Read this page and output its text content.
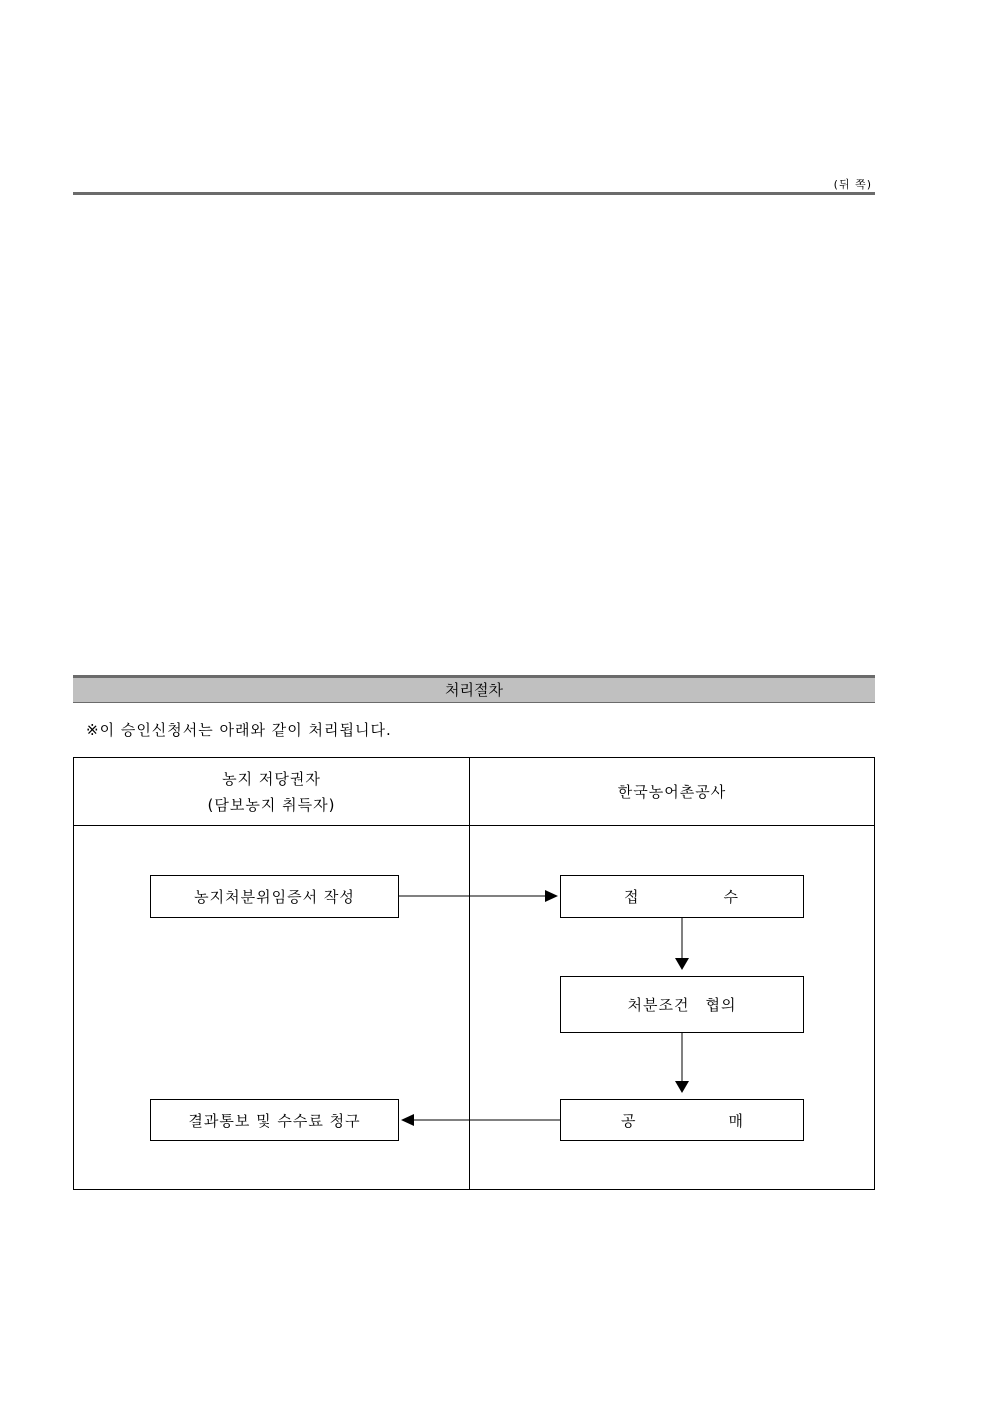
(뒤 쪽)
처리절차
※이 승인신청서는 아래와 같이 처리됩니다.
농지 저당권자
(담보농지 취득자)
한국농어촌공사
농지처분위임증서 작성	접	수
처분조건　협의
공	매
결과통보 및 수수료 청구
